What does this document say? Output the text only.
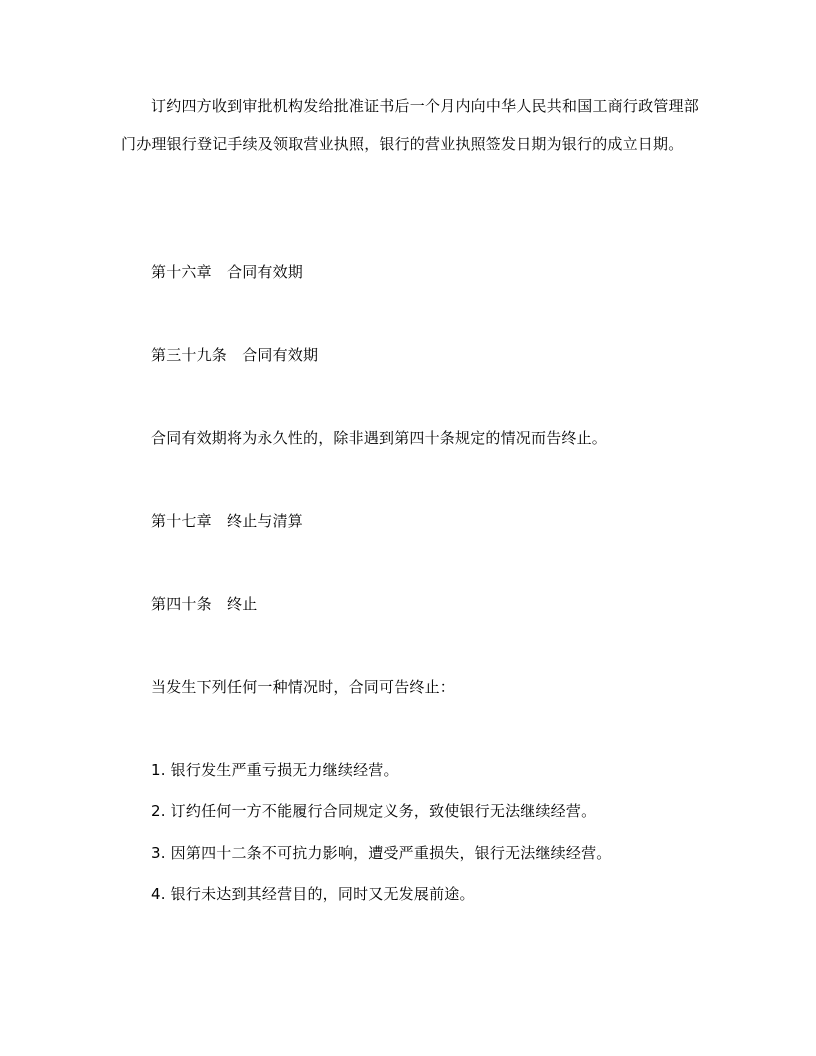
订约四方收到审批机构发给批准证书后一个月内向中华人民共和国工商行政管理部门办理银行登记手续及领取营业执照，银行的营业执照签发日期为银行的成立日期。
第十六章　合同有效期
第三十九条　合同有效期
合同有效期将为永久性的，除非遇到第四十条规定的情况而告终止。
第十七章　终止与清算
第四十条　终止
当发生下列任何一种情况时，合同可告终止：
1. 银行发生严重亏损无力继续经营。
2. 订约任何一方不能履行合同规定义务，致使银行无法继续经营。
3. 因第四十二条不可抗力影响，遭受严重损失，银行无法继续经营。
4. 银行未达到其经营目的，同时又无发展前途。
